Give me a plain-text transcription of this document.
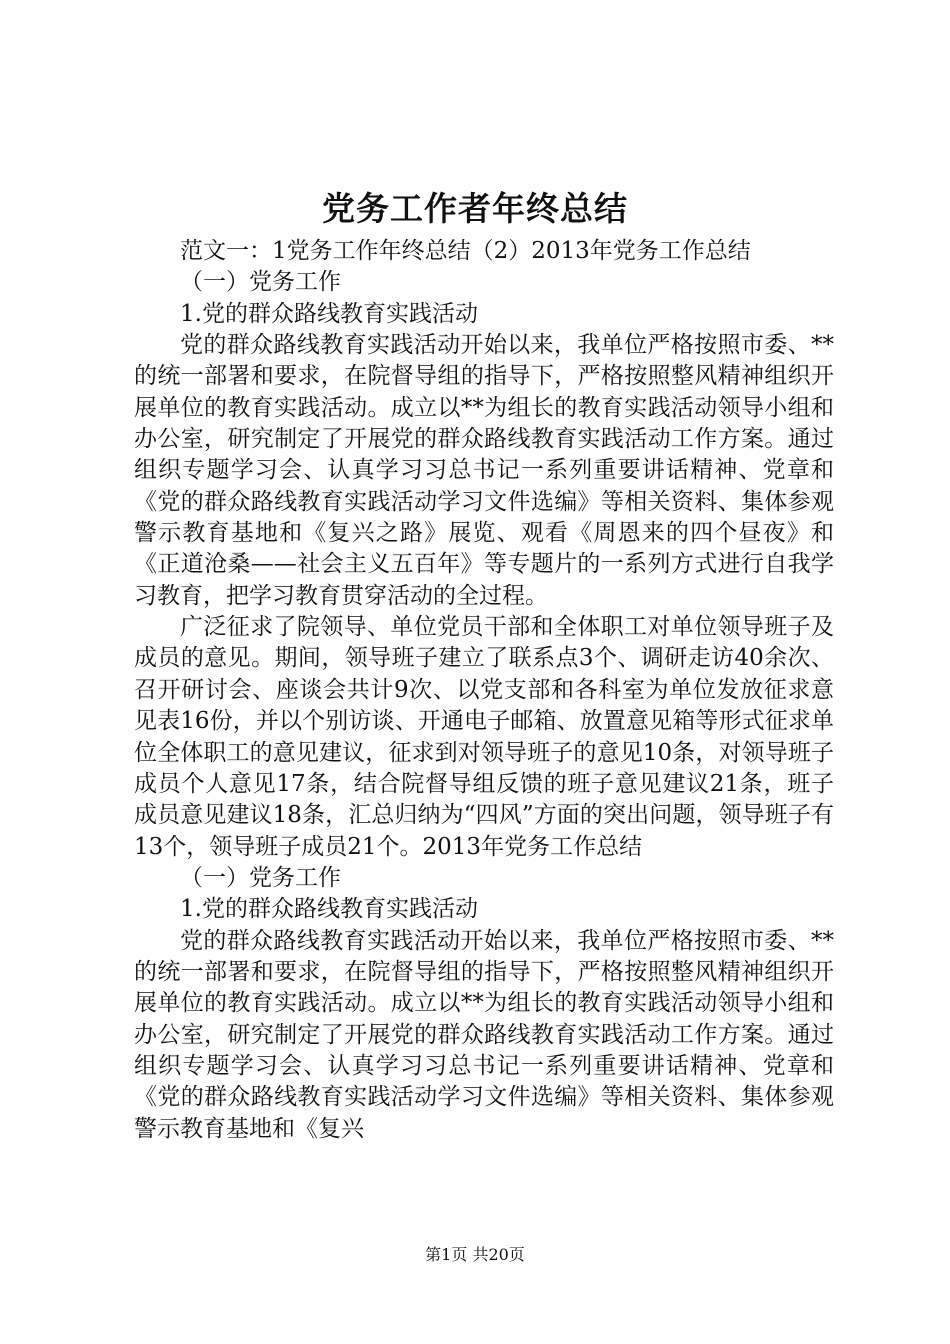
党务工作者年终总结

范文一：1党务工作年终总结（2）2013年党务工作总结

（一）党务工作

1.党的群众路线教育实践活动

党的群众路线教育实践活动开始以来，我单位严格按照市委、**的统一部署和要求，在院督导组的指导下，严格按照整风精神组织开展单位的教育实践活动。成立以**为组长的教育实践活动领导小组和办公室，研究制定了开展党的群众路线教育实践活动工作方案。通过组织专题学习会、认真学习习总书记一系列重要讲话精神、党章和《党的群众路线教育实践活动学习文件选编》等相关资料、集体参观警示教育基地和《复兴之路》展览、观看《周恩来的四个昼夜》和《正道沧桑——社会主义五百年》等专题片的一系列方式进行自我学习教育，把学习教育贯穿活动的全过程。

广泛征求了院领导、单位党员干部和全体职工对单位领导班子及成员的意见。期间，领导班子建立了联系点3个、调研走访40余次、召开研讨会、座谈会共计9次、以党支部和各科室为单位发放征求意见表16份，并以个别访谈、开通电子邮箱、放置意见箱等形式征求单位全体职工的意见建议，征求到对领导班子的意见10条，对领导班子成员个人意见17条，结合院督导组反馈的班子意见建议21条，班子成员意见建议18条，汇总归纳为“四风”方面的突出问题，领导班子有13个，领导班子成员21个。2013年党务工作总结

（一）党务工作

1.党的群众路线教育实践活动

党的群众路线教育实践活动开始以来，我单位严格按照市委、**的统一部署和要求，在院督导组的指导下，严格按照整风精神组织开展单位的教育实践活动。成立以**为组长的教育实践活动领导小组和办公室，研究制定了开展党的群众路线教育实践活动工作方案。通过组织专题学习会、认真学习习总书记一系列重要讲话精神、党章和《党的群众路线教育实践活动学习文件选编》等相关资料、集体参观警示教育基地和《复兴

第1页 共20页
